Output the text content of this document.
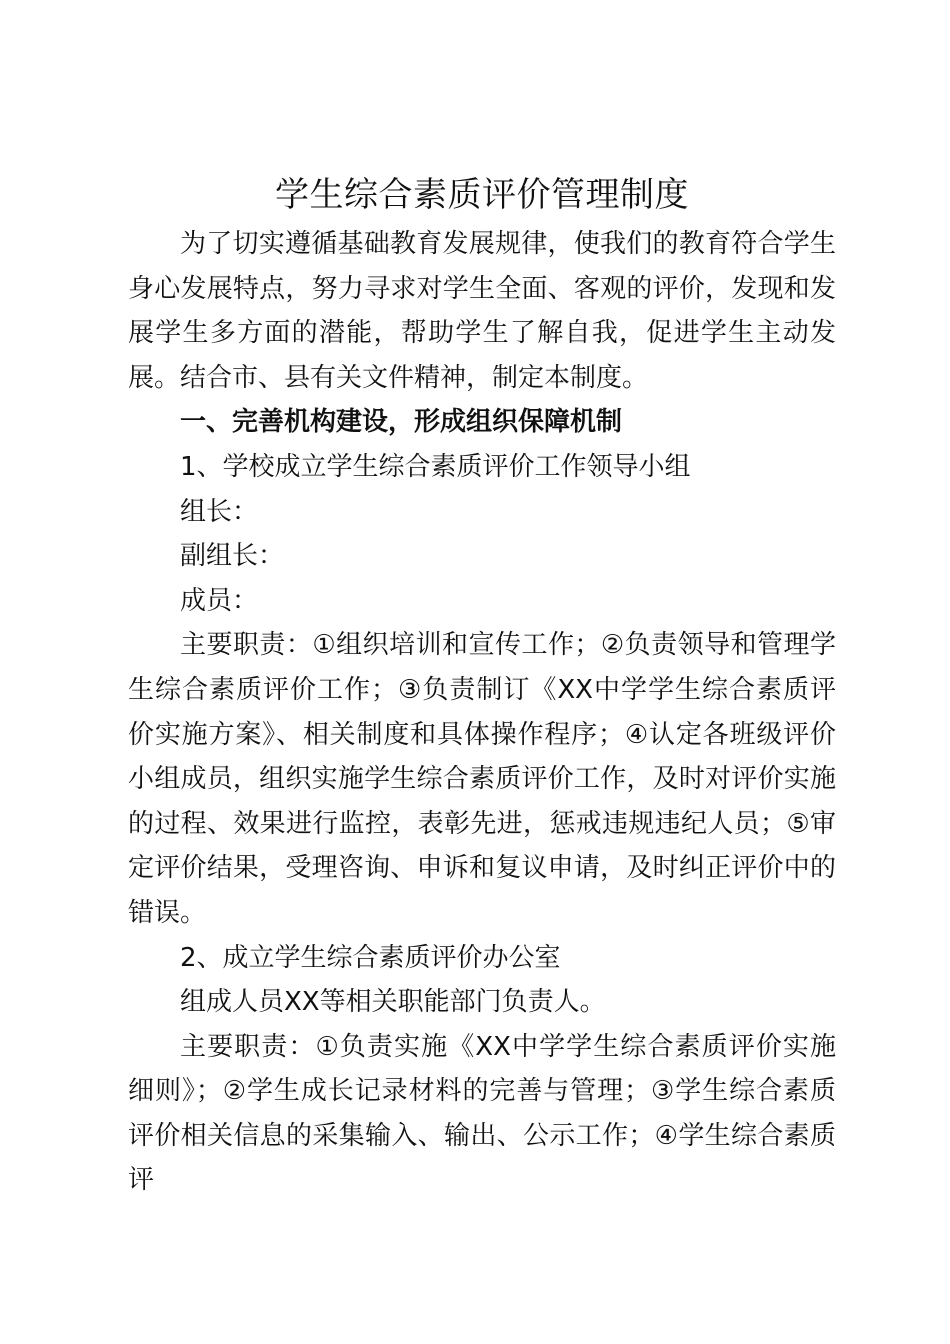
学生综合素质评价管理制度

为了切实遵循基础教育发展规律，使我们的教育符合学生身心发展特点，努力寻求对学生全面、客观的评价，发现和发展学生多方面的潜能，帮助学生了解自我，促进学生主动发展。结合市、县有关文件精神，制定本制度。

一、完善机构建设，形成组织保障机制

1、学校成立学生综合素质评价工作领导小组

组长：

副组长：

成员：

主要职责：①组织培训和宣传工作；②负责领导和管理学生综合素质评价工作；③负责制订《XX中学学生综合素质评价实施方案》、相关制度和具体操作程序；④认定各班级评价小组成员，组织实施学生综合素质评价工作，及时对评价实施的过程、效果进行监控，表彰先进，惩戒违规违纪人员；⑤审定评价结果，受理咨询、申诉和复议申请，及时纠正评价中的错误。

2、成立学生综合素质评价办公室

组成人员XX等相关职能部门负责人。

主要职责：①负责实施《XX中学学生综合素质评价实施细则》；②学生成长记录材料的完善与管理；③学生综合素质评价相关信息的采集输入、输出、公示工作；④学生综合素质评
